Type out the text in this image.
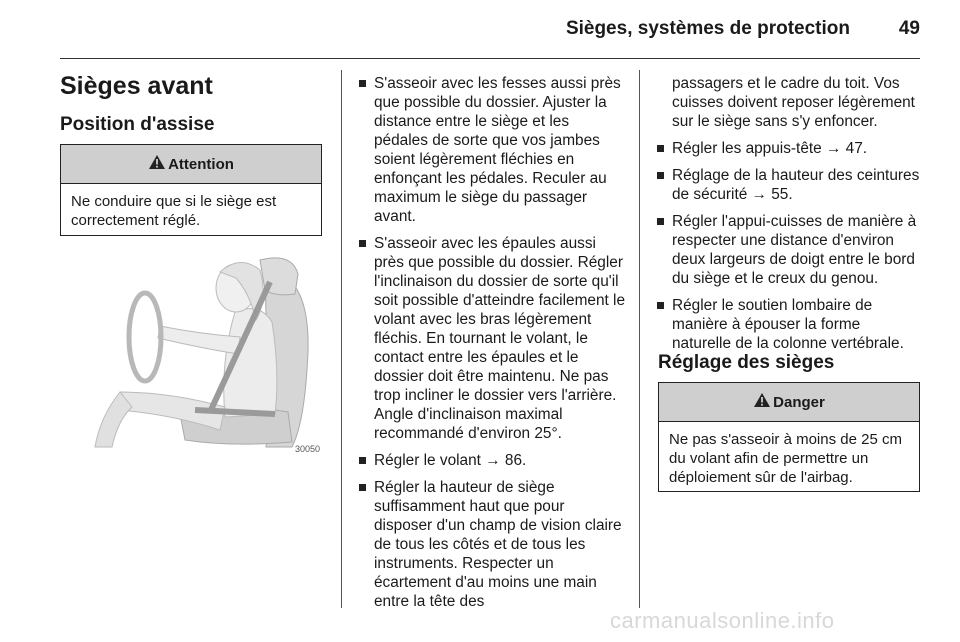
Sièges, systèmes de protection	49
Sièges avant
Position d'assise
Attention
Ne conduire que si le siège est correctement réglé.
30050
S'asseoir avec les fesses aussi près que possible du dossier. Ajuster la distance entre le siège et les pédales de sorte que vos jambes soient légèrement fléchies en enfonçant les pédales. Reculer au maximum le siège du passager avant.
S'asseoir avec les épaules aussi près que possible du dossier. Régler l'inclinaison du dossier de sorte qu'il soit possible d'atteindre facilement le volant avec les bras légèrement fléchis. En tournant le volant, le contact entre les épaules et le dossier doit être maintenu. Ne pas trop incliner le dossier vers l'arrière. Angle d'inclinaison maximal recommandé d'environ 25°.
Régler le volant → 86.
Régler la hauteur de siège suffisamment haut que pour disposer d'un champ de vision claire de tous les côtés et de tous les instruments. Respecter un écartement d'au moins une main entre la tête des
passagers et le cadre du toit. Vos cuisses doivent reposer légèrement sur le siège sans s'y enfoncer.
Régler les appuis-tête → 47.
Réglage de la hauteur des ceintures de sécurité → 55.
Régler l'appui-cuisses de manière à respecter une distance d'environ deux largeurs de doigt entre le bord du siège et le creux du genou.
Régler le soutien lombaire de manière à épouser la forme naturelle de la colonne vertébrale.
Réglage des sièges
Danger
Ne pas s'asseoir à moins de 25 cm du volant afin de permettre un déploiement sûr de l'airbag.
carmanualsonline.info
